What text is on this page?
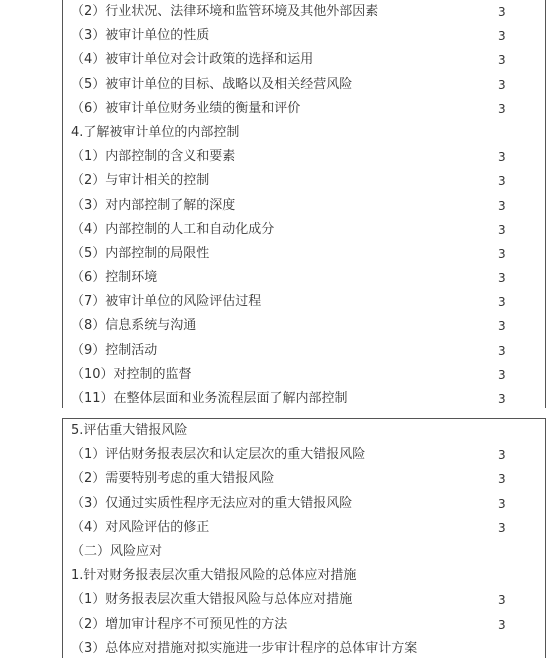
（2）行业状况、法律环境和监管环境及其他外部因素	3
（3）被审计单位的性质	3
（4）被审计单位对会计政策的选择和运用	3
（5）被审计单位的目标、战略以及相关经营风险	3
（6）被审计单位财务业绩的衡量和评价	3
4.了解被审计单位的内部控制
（1）内部控制的含义和要素	3
（2）与审计相关的控制	3
（3）对内部控制了解的深度	3
（4）内部控制的人工和自动化成分	3
（5）内部控制的局限性	3
（6）控制环境	3
（7）被审计单位的风险评估过程	3
（8）信息系统与沟通	3
（9）控制活动	3
（10）对控制的监督	3
（11）在整体层面和业务流程层面了解内部控制	3
5.评估重大错报风险
（1）评估财务报表层次和认定层次的重大错报风险	3
（2）需要特别考虑的重大错报风险	3
（3）仅通过实质性程序无法应对的重大错报风险	3
（4）对风险评估的修正	3
（二）风险应对
1.针对财务报表层次重大错报风险的总体应对措施
（1）财务报表层次重大错报风险与总体应对措施	3
（2）增加审计程序不可预见性的方法	3
（3）总体应对措施对拟实施进一步审计程序的总体审计方案
